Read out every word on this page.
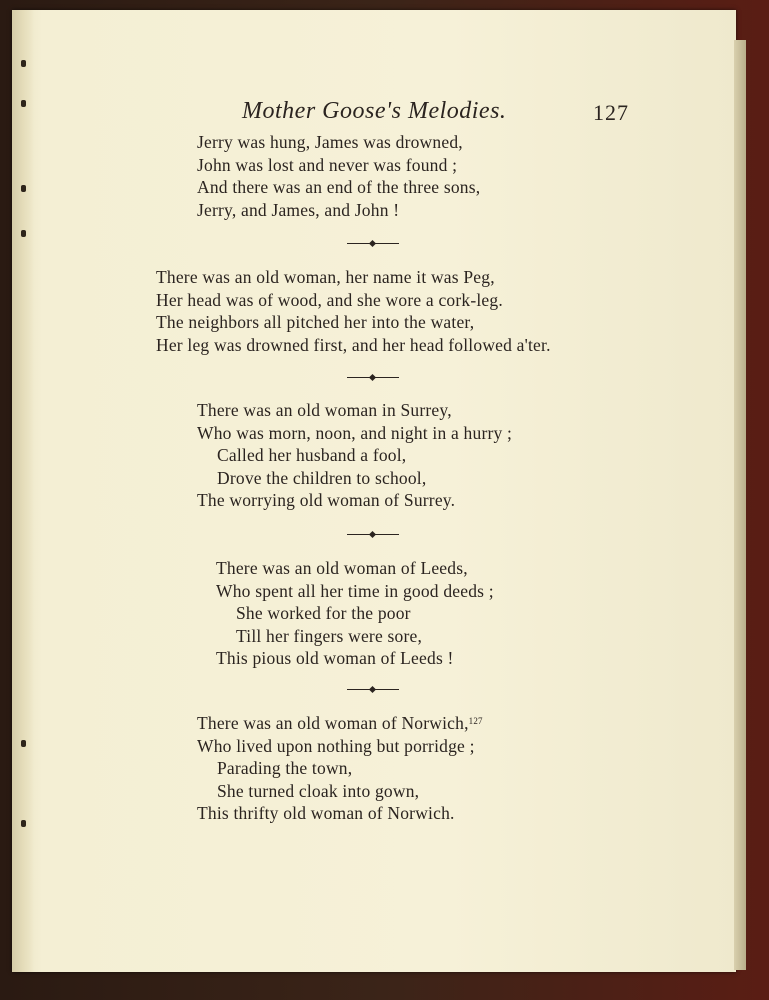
Mother Goose's Melodies.	127
Jerry was hung, James was drowned,
John was lost and never was found ;
And there was an end of the three sons,
Jerry, and James, and John !
There was an old woman, her name it was Peg,
Her head was of wood, and she wore a cork-leg.
The neighbors all pitched her into the water,
Her leg was drowned first, and her head followed a'ter.
There was an old woman in Surrey,
Who was morn, noon, and night in a hurry ;
Called her husband a fool,
Drove the children to school,
The worrying old woman of Surrey.
There was an old woman of Leeds,
Who spent all her time in good deeds ;
She worked for the poor
Till her fingers were sore,
This pious old woman of Leeds !
There was an old woman of Norwich,$^{127}$
Who lived upon nothing but porridge ;
Parading the town,
She turned cloak into gown,
This thrifty old woman of Norwich.
